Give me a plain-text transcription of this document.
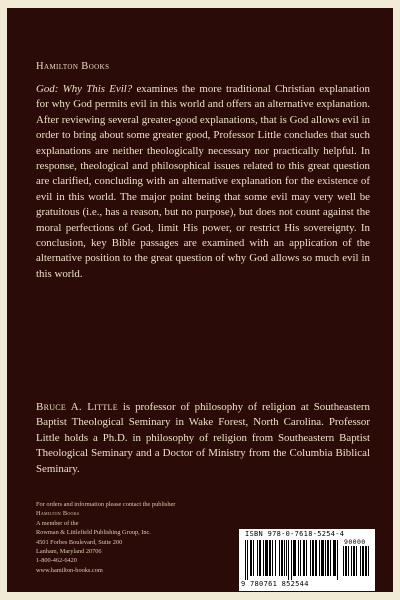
Hamilton Books

God: Why This Evil? examines the more traditional Christian explanation for why God permits evil in this world and offers an alternative explanation. After reviewing several greater-good explanations, that is God allows evil in order to bring about some greater good, Professor Little concludes that such explanations are neither theologically necessary nor practically helpful. In response, theological and philosophical issues related to this great question are clarified, concluding with an alternative explanation for the existence of evil in this world. The major point being that some evil may very well be gratuitous (i.e., has a reason, but no purpose), but does not count against the moral perfections of God, limit His power, or restrict His sovereignty. In conclusion, key Bible passages are examined with an application of the alternative position to the great question of why God allows so much evil in this world.

Bruce A. Little is professor of philosophy of religion at Southeastern Baptist Theological Seminary in Wake Forest, North Carolina. Professor Little holds a Ph.D. in philosophy of religion from Southeastern Baptist Theological Seminary and a Doctor of Ministry from the Columbia Biblical Seminary.

For orders and information please contact the publisher
Hamilton Books
A member of the
Rowman & Littlefield Publishing Group, Inc.
4501 Forbes Boulevard, Suite 200
Lanham, Maryland 20706
1-800-462-6420
www.hamilton-books.com
ISBN 978-0-7618-5254-4
9 780761 852544
90000
